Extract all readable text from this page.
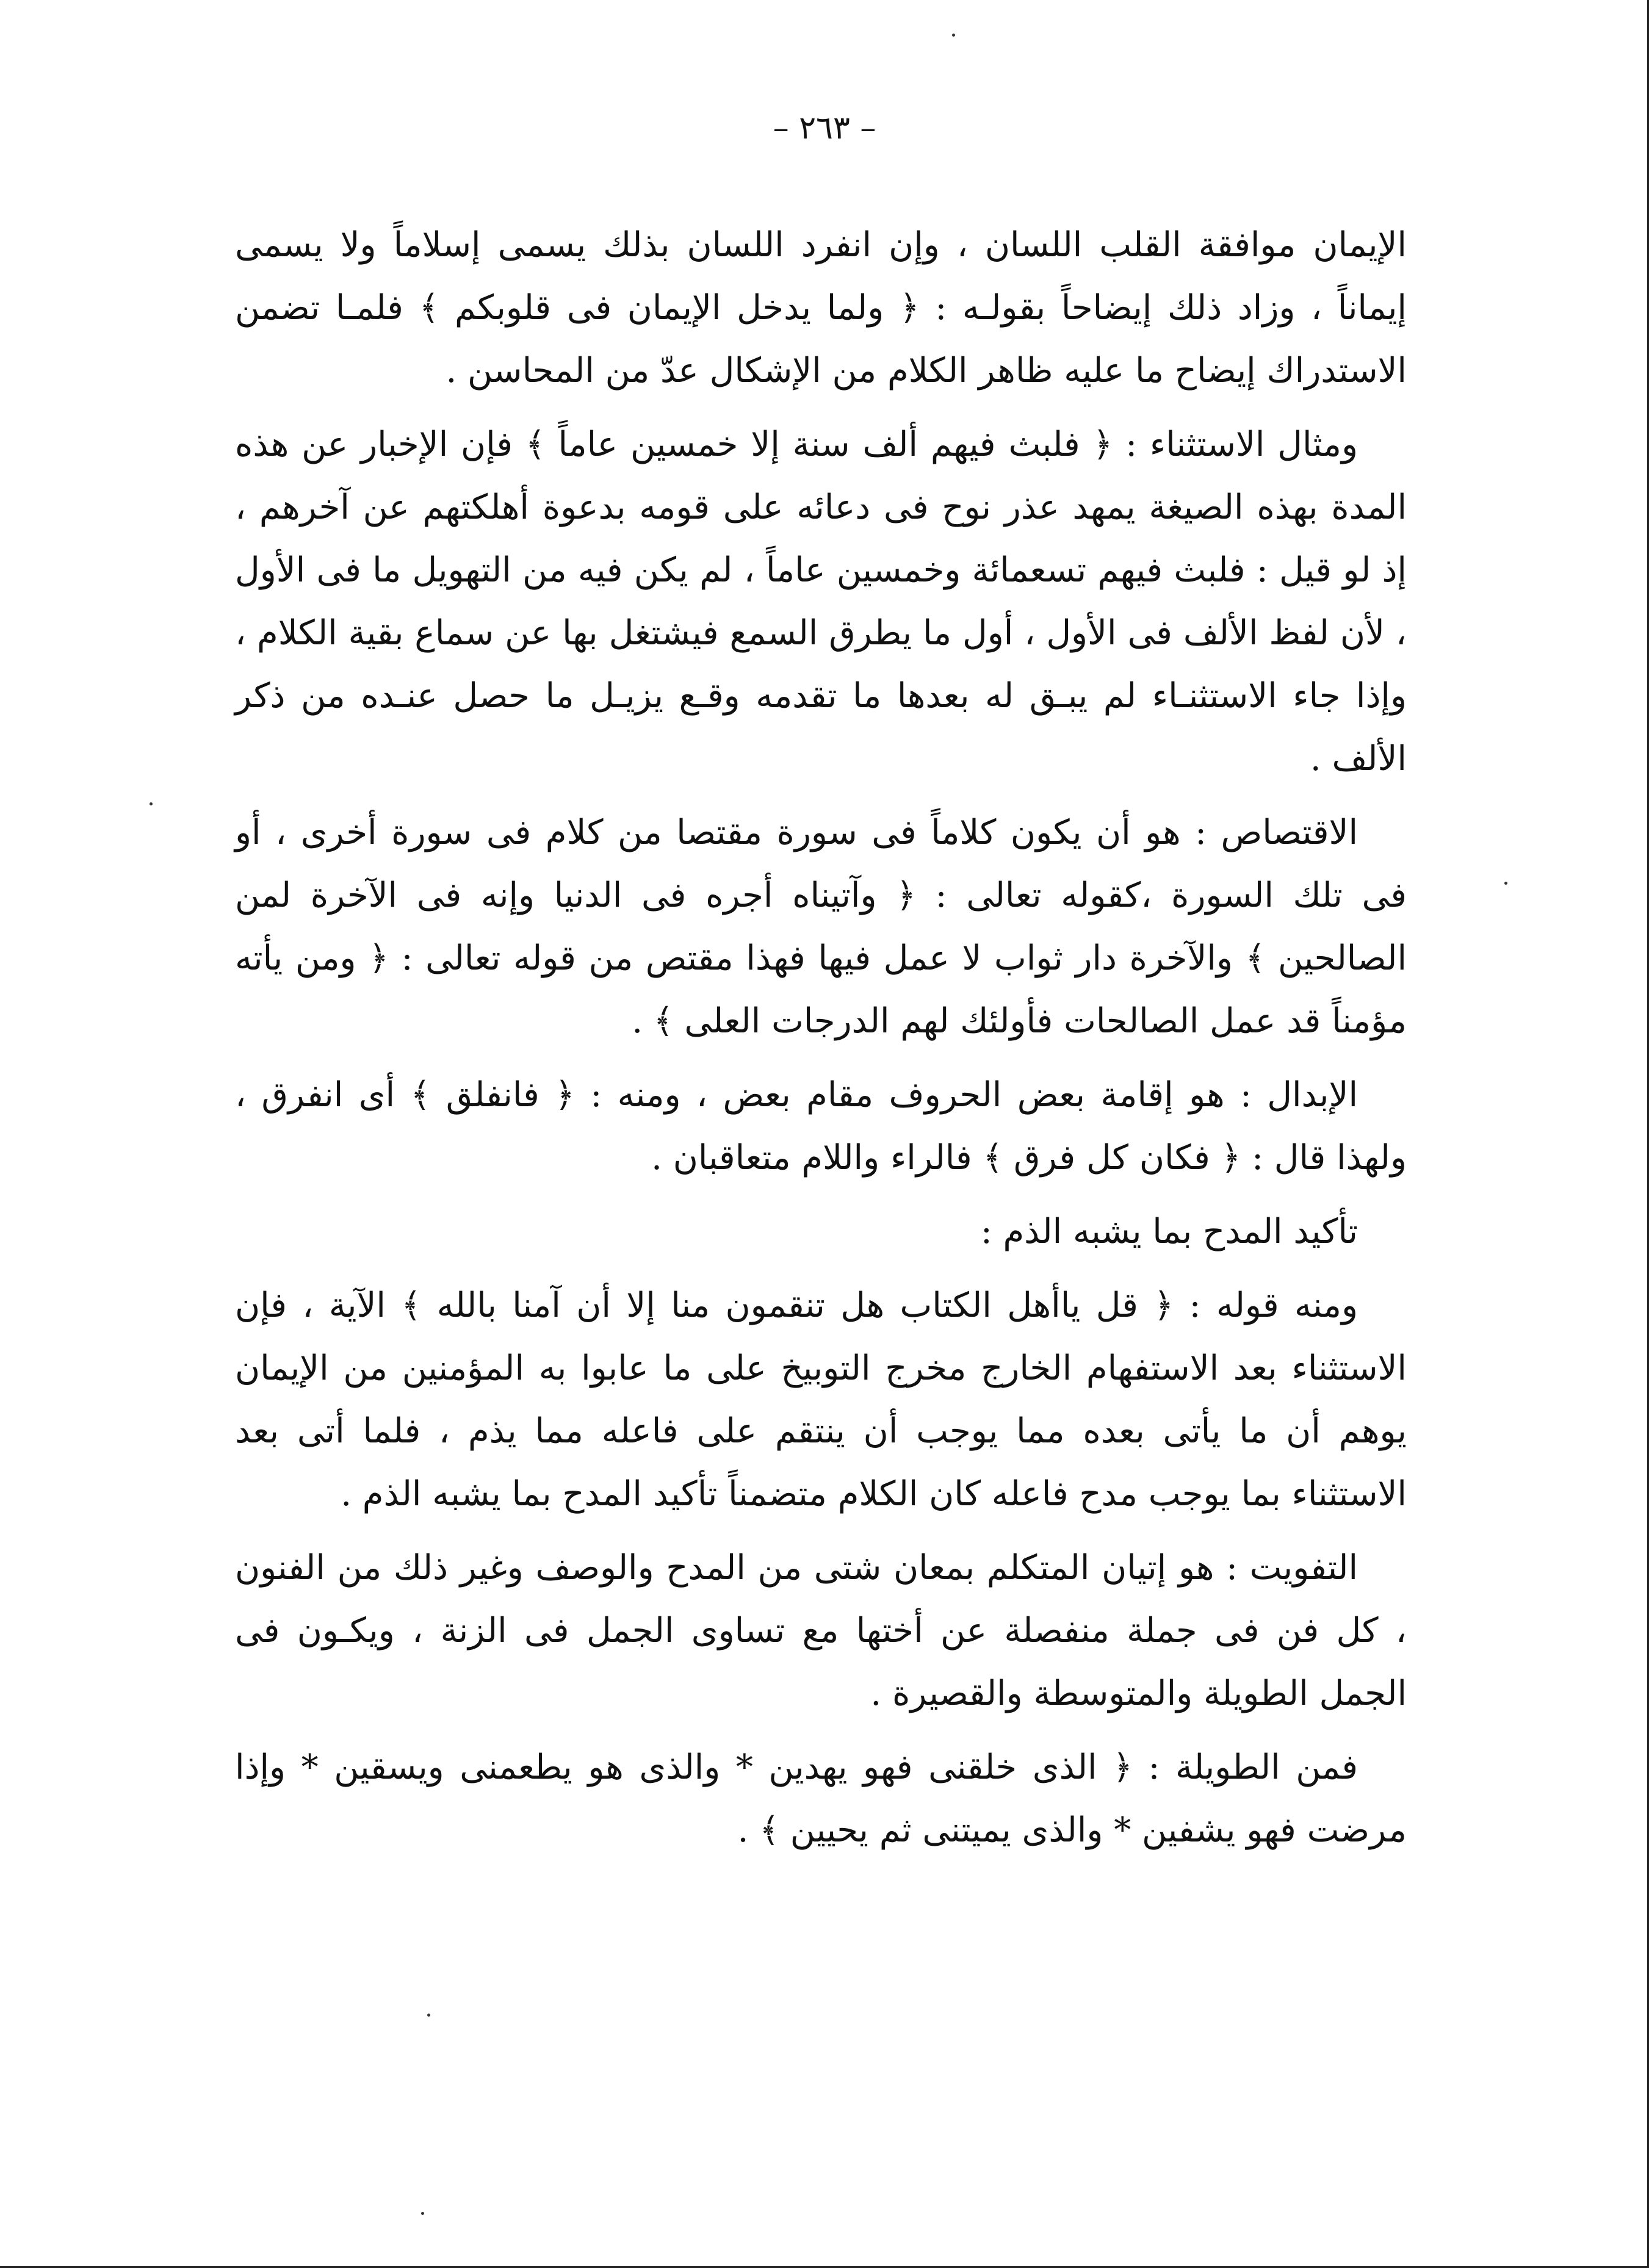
– ٢٦٣ –

الإيمان موافقة القلب اللسان ، وإن انفرد اللسان بذلك يسمى إسلاماً ولا يسمى إيماناً ، وزاد ذلك إيضاحاً بقولـه : ﴿ ولما يدخل الإيمان فى قلوبكم ﴾ فلمـا تضمن الاستدراك إيضاح ما عليه ظاهر الكلام من الإشكال عدّ من المحاسن .

ومثال الاستثناء : ﴿ فلبث فيهم ألف سنة إلا خمسين عاماً ﴾ فإن الإخبار عن هذه المدة بهذه الصيغة يمهد عذر نوح فى دعائه على قومه بدعوة أهلكتهم عن آخرهم ، إذ لو قيل : فلبث فيهم تسعمائة وخمسين عاماً ، لم يكن فيه من التهويل ما فى الأول ، لأن لفظ الألف فى الأول ، أول ما يطرق السمع فيشتغل بها عن سماع بقية الكلام ، وإذا جاء الاستثنـاء لم يبـق له بعدها ما تقدمه وقـع يزيـل ما حصل عنـده من ذكر الألف .

الاقتصاص : هو أن يكون كلاماً فى سورة مقتصا من كلام فى سورة أخرى ، أو فى تلك السورة ،كقوله تعالى : ﴿ وآتيناه أجره فى الدنيا وإنه فى الآخرة لمن الصالحين ﴾ والآخرة دار ثواب لا عمل فيها فهذا مقتص من قوله تعالى : ﴿ ومن يأته مؤمناً قد عمل الصالحات فأولئك لهم الدرجات العلى ﴾ .

الإبدال : هو إقامة بعض الحروف مقام بعض ، ومنه : ﴿ فانفلق ﴾ أى انفرق ، ولهذا قال : ﴿ فكان كل فرق ﴾ فالراء واللام متعاقبان .

تأكيد المدح بما يشبه الذم :

ومنه قوله : ﴿ قل ياأهل الكتاب هل تنقمون منا إلا أن آمنا بالله ﴾ الآية ، فإن الاستثناء بعد الاستفهام الخارج مخرج التوبيخ على ما عابوا به المؤمنين من الإيمان يوهم أن ما يأتى بعده مما يوجب أن ينتقم على فاعله مما يذم ، فلما أتى بعد الاستثناء بما يوجب مدح فاعله كان الكلام متضمناً تأكيد المدح بما يشبه الذم .

التفويت : هو إتيان المتكلم بمعان شتى من المدح والوصف وغير ذلك من الفنون ، كل فن فى جملة منفصلة عن أختها مع تساوى الجمل فى الزنة ، ويكـون فى الجمل الطويلة والمتوسطة والقصيرة .

فمن الطويلة : ﴿ الذى خلقنى فهو يهدين * والذى هو يطعمنى ويسقين * وإذا مرضت فهو يشفين * والذى يميتنى ثم يحيين ﴾ .
